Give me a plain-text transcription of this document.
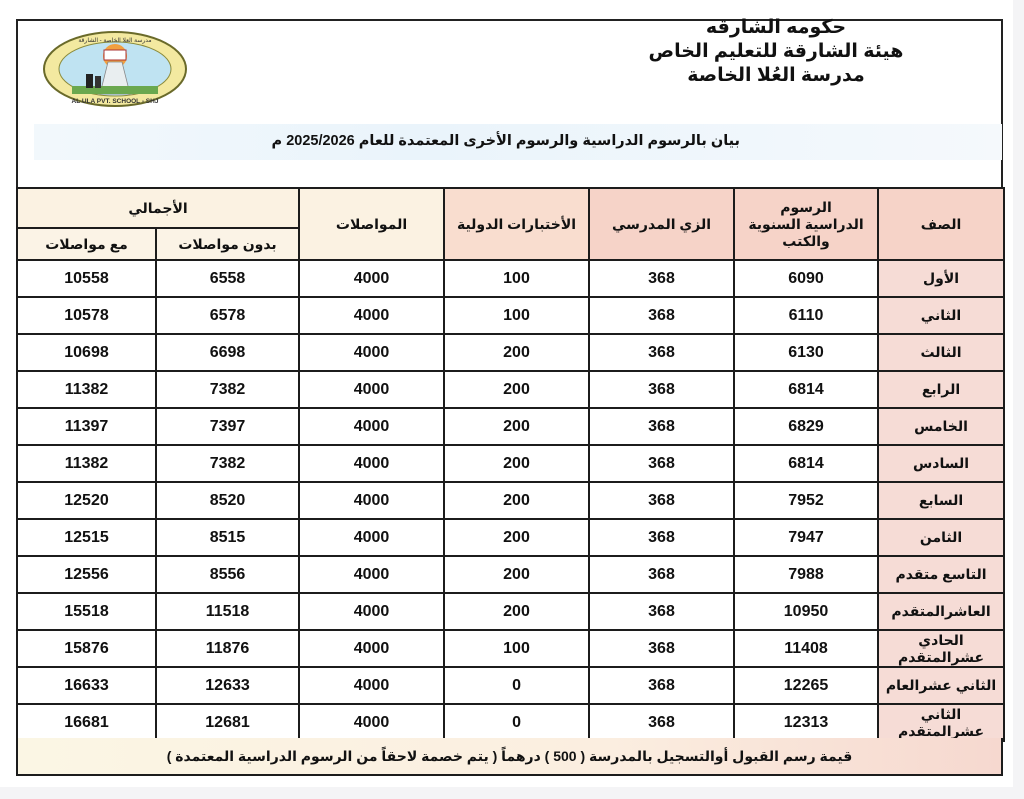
مدرسة العلا الخاصة - الشارقة
AL ULA PVT. SCHOOL - SHJ
حكومه الشارقه
هيئة الشارقة للتعليم الخاص
مدرسة العُلا الخاصة
بيان بالرسوم الدراسية والرسوم الأخرى المعتمدة للعام 2025/2026 م
الصف	الرسوم
الدراسية السنوية
والكتب	الزي المدرسي	الأختبارات الدولية	المواصلات	الأجمالي	
					بدون مواصلات	مع مواصلات
الأول	6090	368	100	4000	6558	10558
الثاني	6110	368	100	4000	6578	10578
الثالث	6130	368	200	4000	6698	10698
الرابع	6814	368	200	4000	7382	11382
الخامس	6829	368	200	4000	7397	11397
السادس	6814	368	200	4000	7382	11382
السابع	7952	368	200	4000	8520	12520
الثامن	7947	368	200	4000	8515	12515
التاسع متقدم	7988	368	200	4000	8556	12556
العاشرالمتقدم	10950	368	200	4000	11518	15518
الحادي عشرالمتقدم	11408	368	100	4000	11876	15876
الثاني عشرالعام	12265	368	0	4000	12633	16633
الثاني عشرالمتقدم	12313	368	0	4000	12681	16681
قيمة رسم القبول أوالتسجيل بالمدرسة ( 500 ) درهماً ( يتم خصمة لاحقاً من الرسوم الدراسية المعتمدة )
